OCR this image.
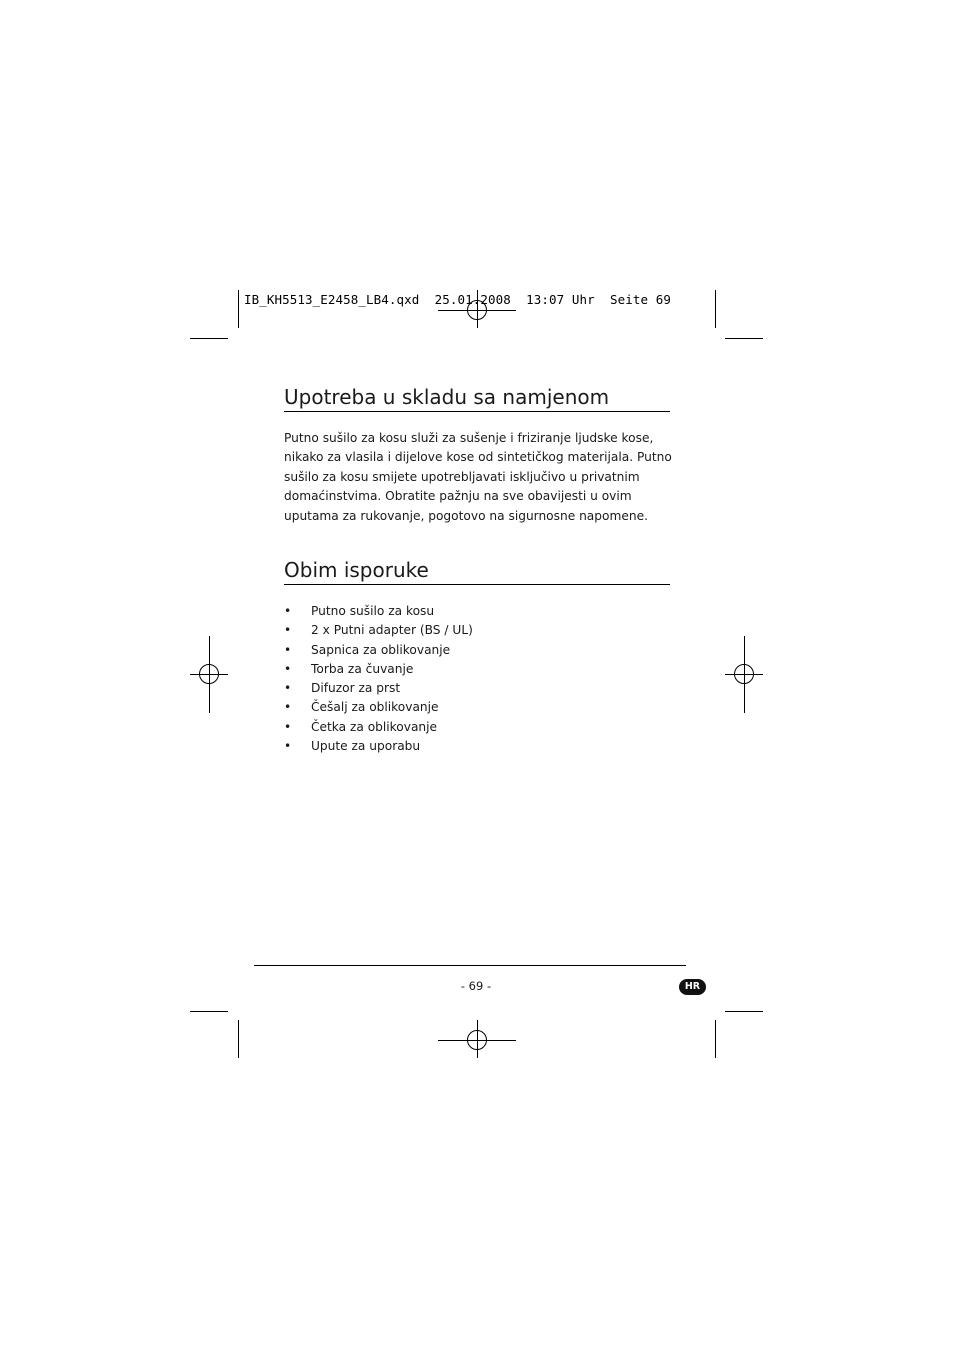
IB_KH5513_E2458_LB4.qxd  25.01.2008  13:07 Uhr  Seite 69
Upotreba u skladu sa namjenom

Putno sušilo za kosu služi za sušenje i friziranje ljudske kose, nikako za vlasila i dijelove kose od sintetičkog materijala. Putno sušilo za kosu smijete upotrebljavati isključivo u privatnim domaćinstvima. Obratite pažnju na sve obavijesti u ovim uputama za rukovanje, pogotovo na sigurnosne napomene.

Obim isporuke
• Putno sušilo za kosu
• 2 x Putni adapter (BS / UL)
• Sapnica za oblikovanje
• Torba za čuvanje
• Difuzor za prst
• Češalj za oblikovanje
• Četka za oblikovanje
• Upute za uporabu
- 69 -	HR
